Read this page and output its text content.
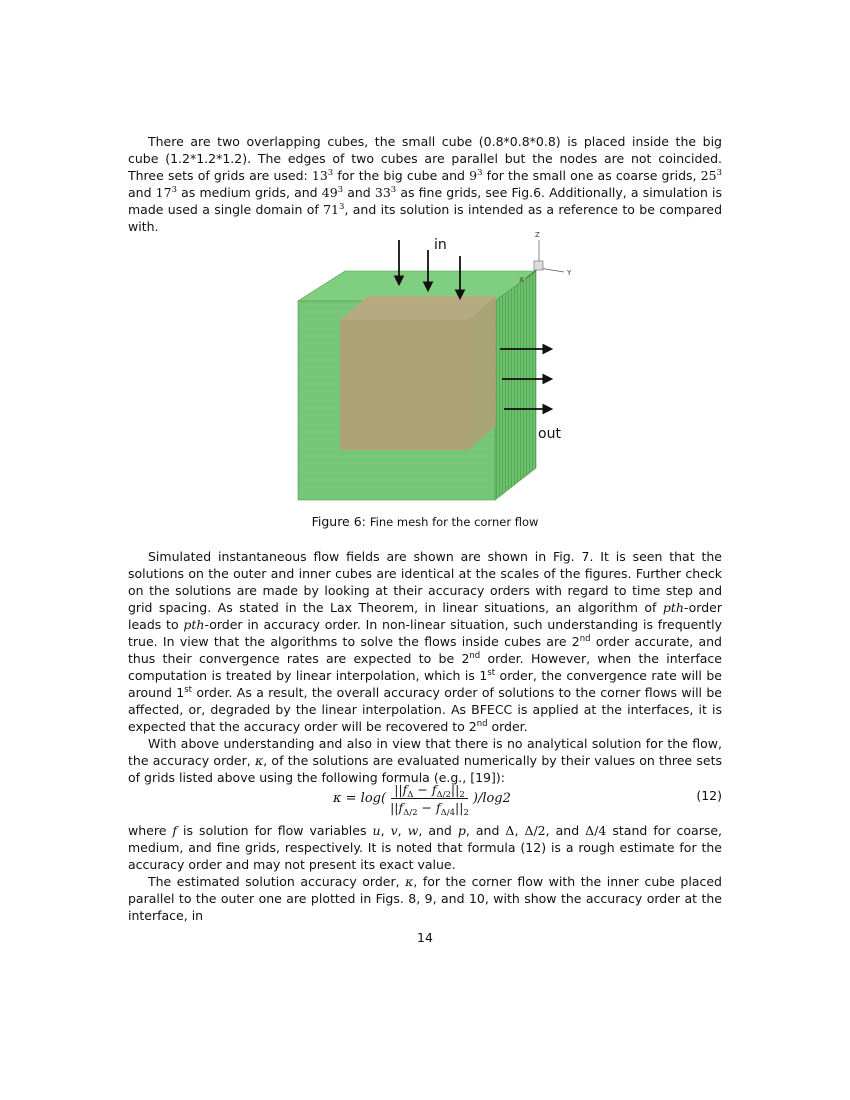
There are two overlapping cubes, the small cube (0.8*0.8*0.8) is placed inside the big cube (1.2*1.2*1.2). The edges of two cubes are parallel but the nodes are not coincided. Three sets of grids are used: $13^3$ for the big cube and $9^3$ for the small one as coarse grids, $25^3$ and $17^3$ as medium grids, and $49^3$ and $33^3$ as fine grids, see Fig.6. Additionally, a simulation is made used a single domain of $71^3$, and its solution is intended as a reference to be compared with.

in
out
Z
Y
X
Figure 6: Fine mesh for the corner flow

Simulated instantaneous flow fields are shown are shown in Fig. 7. It is seen that the solutions on the outer and inner cubes are identical at the scales of the figures. Further check on the solutions are made by looking at their accuracy orders with regard to time step and grid spacing. As stated in the Lax Theorem, in linear situations, an algorithm of pth-order leads to pth-order in accuracy order. In non-linear situation, such understanding is frequently true. In view that the algorithms to solve the flows inside cubes are 2nd order accurate, and thus their convergence rates are expected to be 2nd order. However, when the interface computation is treated by linear interpolation, which is 1st order, the convergence rate will be around 1st order. As a result, the overall accuracy order of solutions to the corner flows will be affected, or, degraded by the linear interpolation. As BFECC is applied at the interfaces, it is expected that the accuracy order will be recovered to 2nd order.

With above understanding and also in view that there is no analytical solution for the flow, the accuracy order, κ, of the solutions are evaluated numerically by their values on three sets of grids listed above using the following formula (e.g., [19]):

$\kappa = \log( \frac{||f_\Delta - f_{\Delta/2}||_2}{||f_{\Delta/2} - f_{\Delta/4}||_2} )/\log 2$	(12)

where f is solution for flow variables u, v, w, and p, and Δ, Δ/2, and Δ/4 stand for coarse, medium, and fine grids, respectively. It is noted that formula (12) is a rough estimate for the accuracy order and may not present its exact value.

The estimated solution accuracy order, κ, for the corner flow with the inner cube placed parallel to the outer one are plotted in Figs. 8, 9, and 10, with show the accuracy order at the interface, in

14
